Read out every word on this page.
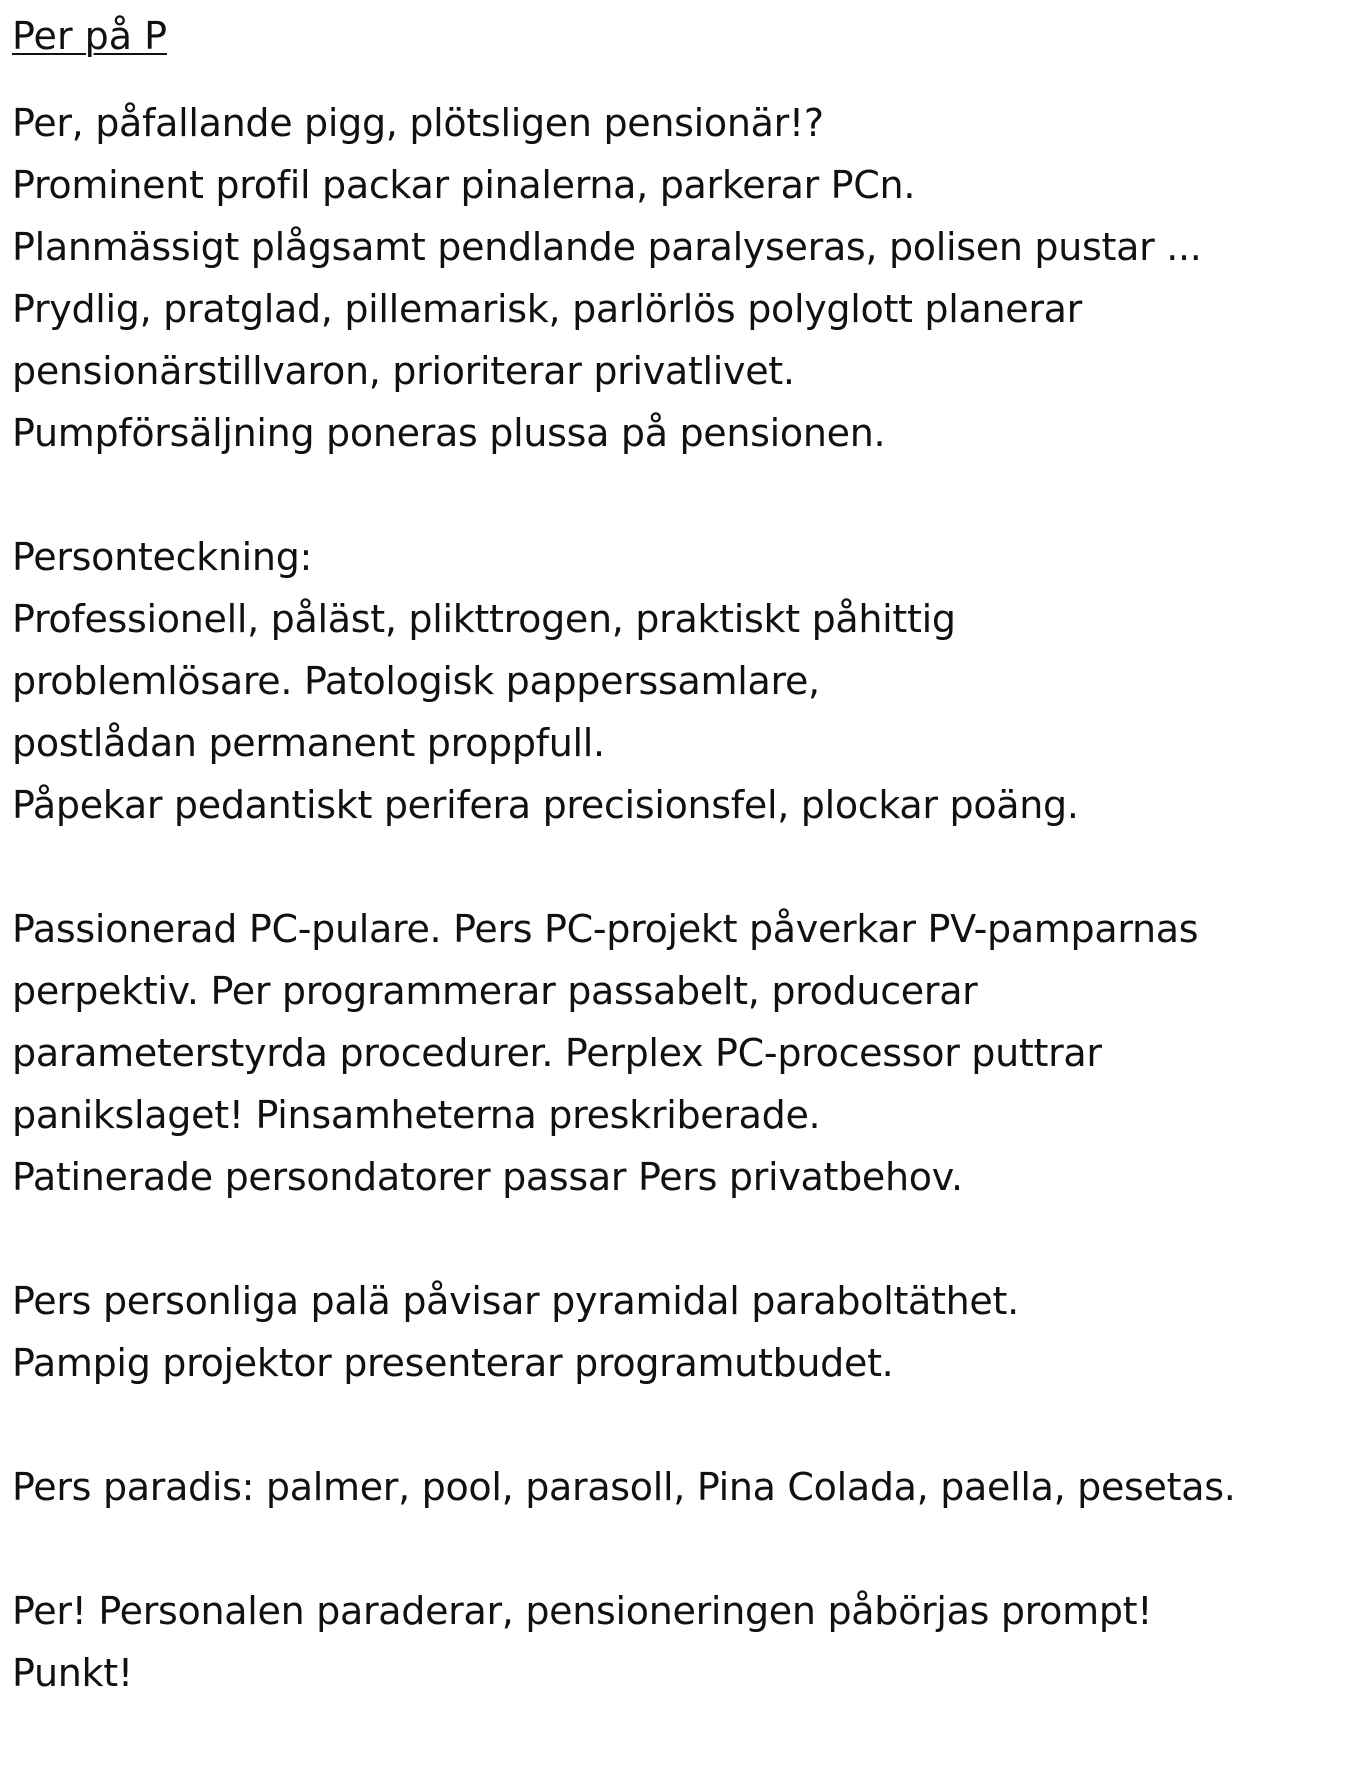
Per på P
Per, påfallande pigg, plötsligen pensionär!?
Prominent profil packar pinalerna, parkerar PCn.
Planmässigt plågsamt pendlande paralyseras, polisen pustar ...
Prydlig, pratglad, pillemarisk, parlörlös polyglott planerar
pensionärstillvaron, prioriterar privatlivet.
Pumpförsäljning poneras plussa på pensionen.
Personteckning:
Professionell, påläst, plikttrogen, praktiskt påhittig
problemlösare. Patologisk papperssamlare,
postlådan permanent proppfull.
Påpekar pedantiskt perifera precisionsfel, plockar poäng.
Passionerad PC-pulare. Pers PC-projekt påverkar PV-pamparnas
perpektiv. Per programmerar passabelt, producerar
parameterstyrda procedurer. Perplex PC-processor puttrar
panikslaget! Pinsamheterna preskriberade.
Patinerade persondatorer passar Pers privatbehov.
Pers personliga palä påvisar pyramidal paraboltäthet.
Pampig projektor presenterar programutbudet.
Pers paradis: palmer, pool, parasoll, Pina Colada, paella, pesetas.
Per! Personalen paraderar, pensioneringen påbörjas prompt!
Punkt!
